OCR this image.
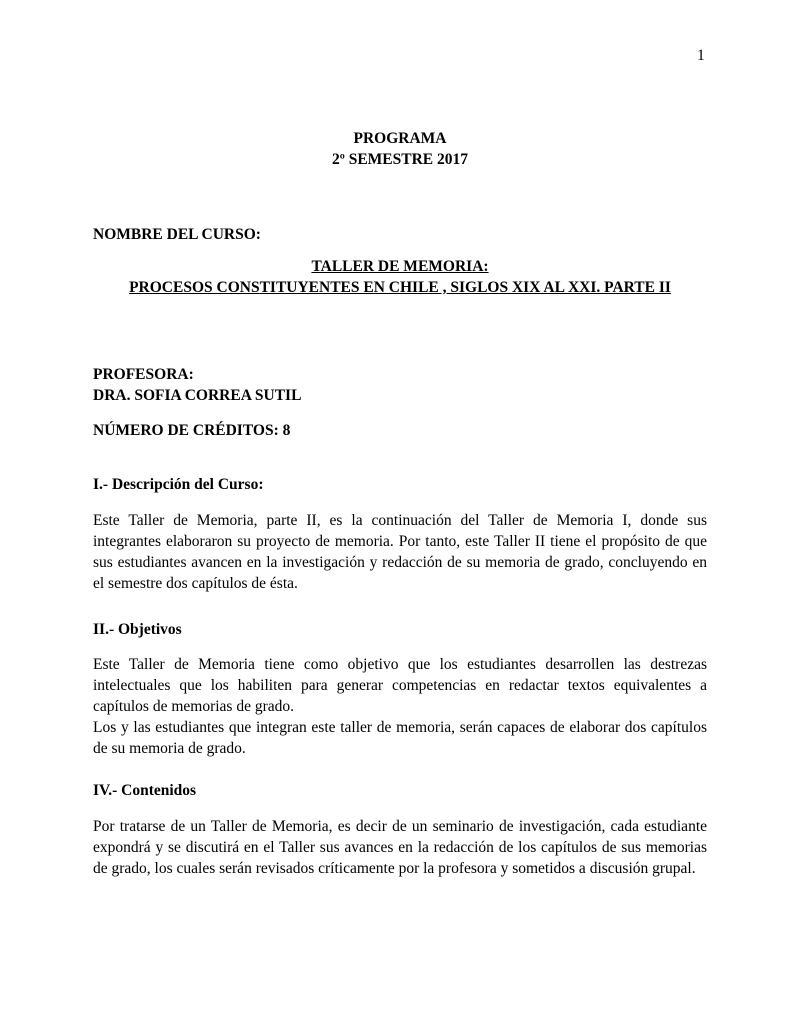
1
PROGRAMA
2º SEMESTRE 2017
NOMBRE DEL CURSO:
TALLER DE MEMORIA:
PROCESOS CONSTITUYENTES EN CHILE , SIGLOS XIX AL XXI. PARTE II
PROFESORA:
DRA. SOFIA CORREA SUTIL
NÚMERO DE CRÉDITOS: 8
I.- Descripción del Curso:
Este Taller de Memoria, parte II, es la continuación del Taller de Memoria I, donde sus
integrantes elaboraron su proyecto de memoria. Por tanto, este Taller II tiene el propósito de que
sus estudiantes avancen en la investigación y redacción de su memoria de grado, concluyendo en
el semestre dos capítulos de ésta.
II.- Objetivos
Este Taller de Memoria tiene como objetivo que los estudiantes desarrollen las destrezas
intelectuales que los habiliten para generar competencias en redactar textos equivalentes a
capítulos de memorias de grado.
Los y las estudiantes que integran este taller de memoria, serán capaces de elaborar dos capítulos
de su memoria de grado.
IV.- Contenidos
Por tratarse de un Taller de Memoria, es decir de un seminario de investigación, cada estudiante
expondrá y se discutirá en el Taller sus avances en la redacción de los capítulos de sus memorias
de grado, los cuales serán revisados críticamente por la profesora y sometidos a discusión grupal.
